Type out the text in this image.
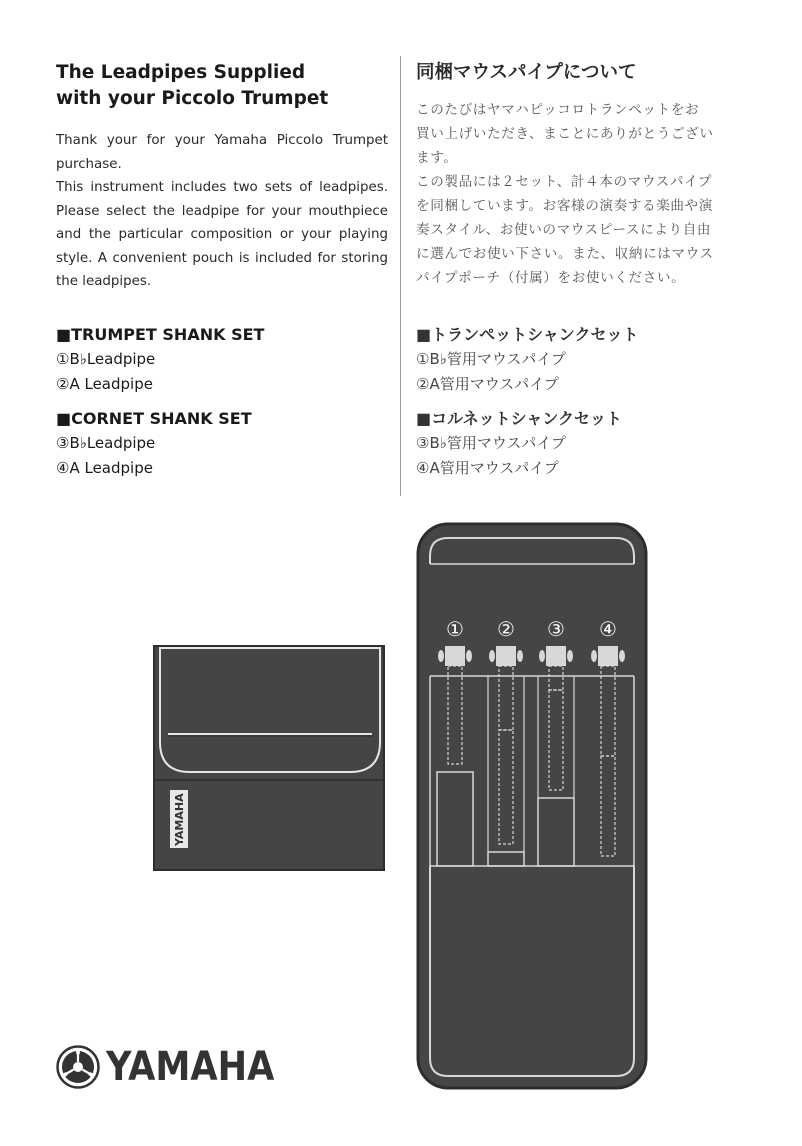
The Leadpipes Supplied
with your Piccolo Trumpet
Thank your for your Yamaha Piccolo Trumpet
purchase.
This instrument includes two sets of leadpipes.
Please select the leadpipe for your mouthpiece
and the particular composition or your playing
style. A convenient pouch is included for storing
the leadpipes.
同梱マウスパイプについて
このたびはヤマハピッコロトランペットをお
買い上げいただき、まことにありがとうござい
ます。
この製品には２セット、計４本のマウスパイプ
を同梱しています。お客様の演奏する楽曲や演
奏スタイル、お使いのマウスピースにより自由
に選んでお使い下さい。また、収納にはマウス
パイプポーチ（付属）をお使いください。
■TRUMPET SHANK SET
①B♭Leadpipe
②A Leadpipe
■CORNET SHANK SET
③B♭Leadpipe
④A Leadpipe
■トランペットシャンクセット
①B♭管用マウスパイプ
②A管用マウスパイプ
■コルネットシャンクセット
③B♭管用マウスパイプ
④A管用マウスパイプ
YAMAHA
① ② ③ ④
YAMAHA
